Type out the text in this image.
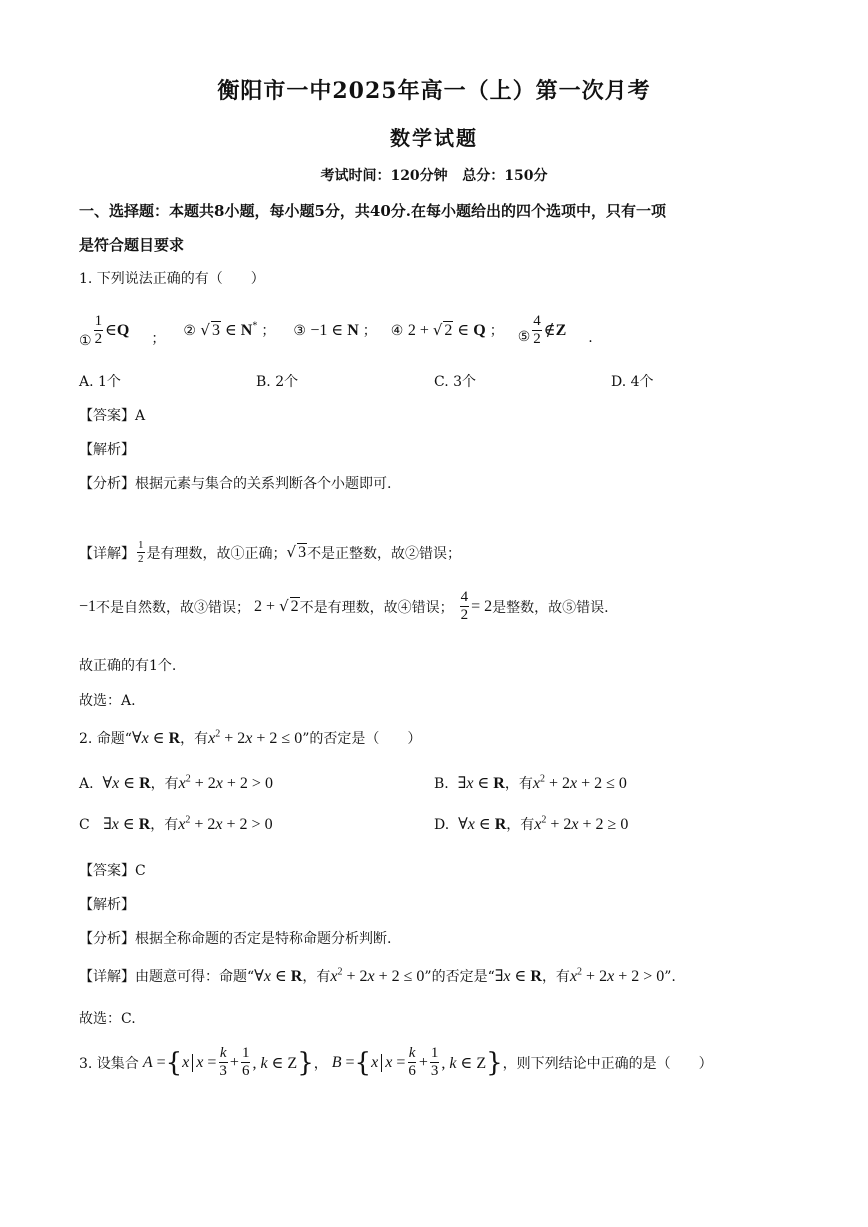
衡阳市一中2025年高一（上）第一次月考
数学试题
考试时间：120分钟   总分：150分
一、选择题：本题共8小题，每小题5分，共40分.在每小题给出的四个选项中，只有一项
是符合题目要求
1. 下列说法正确的有（　　）
① $\frac{1}{2}$ ∈Q ； ② √ 3 ∈ N* ； ③ −1 ∈ N ； ④ 2 + √ 2 ∈ Q ； ⑤ $\frac{4}{2}$ ∉Z .
A. 1个	B. 2个	C. 3个	D. 4个
【答案】A
【解析】
【分析】根据元素与集合的关系判断各个小题即可.
【详解】 $\frac{1}{2}$ 是有理数，故①正确； √ 3 不是正整数，故②错误；
−1 不是自然数，故③错误； 2 + √ 2 不是有理数，故④错误； $\frac{4}{2} = 2$ 是整数，故⑤错误.
故正确的有1个.
故选：A.
2. 命题“∀x ∈ R，有$x^2 + 2x + 2 \le 0$”的否定是（　　）
A. ∀x ∈ R，有$x^2 + 2x + 2 > 0$	B. ∃x ∈ R，有$x^2 + 2x + 2 \le 0$
C ∃x ∈ R，有$x^2 + 2x + 2 > 0$	D. ∀x ∈ R，有$x^2 + 2x + 2 \ge 0$
【答案】C
【解析】
【分析】根据全称命题的否定是特称命题分析判断.
【详解】由题意可得：命题“∀x ∈ R，有$x^2 + 2x + 2 \le 0$”的否定是“∃x ∈ R，有$x^2 + 2x + 2 > 0$”.
故选：C.
3. 设集合 A = { x $x = \frac{k}{3} + \frac{1}{6}$ , k ∈ Z } ， B = { x $x = \frac{k}{6} + \frac{1}{3}$ , k ∈ Z } ，则下列结论中正确的是（　　）
